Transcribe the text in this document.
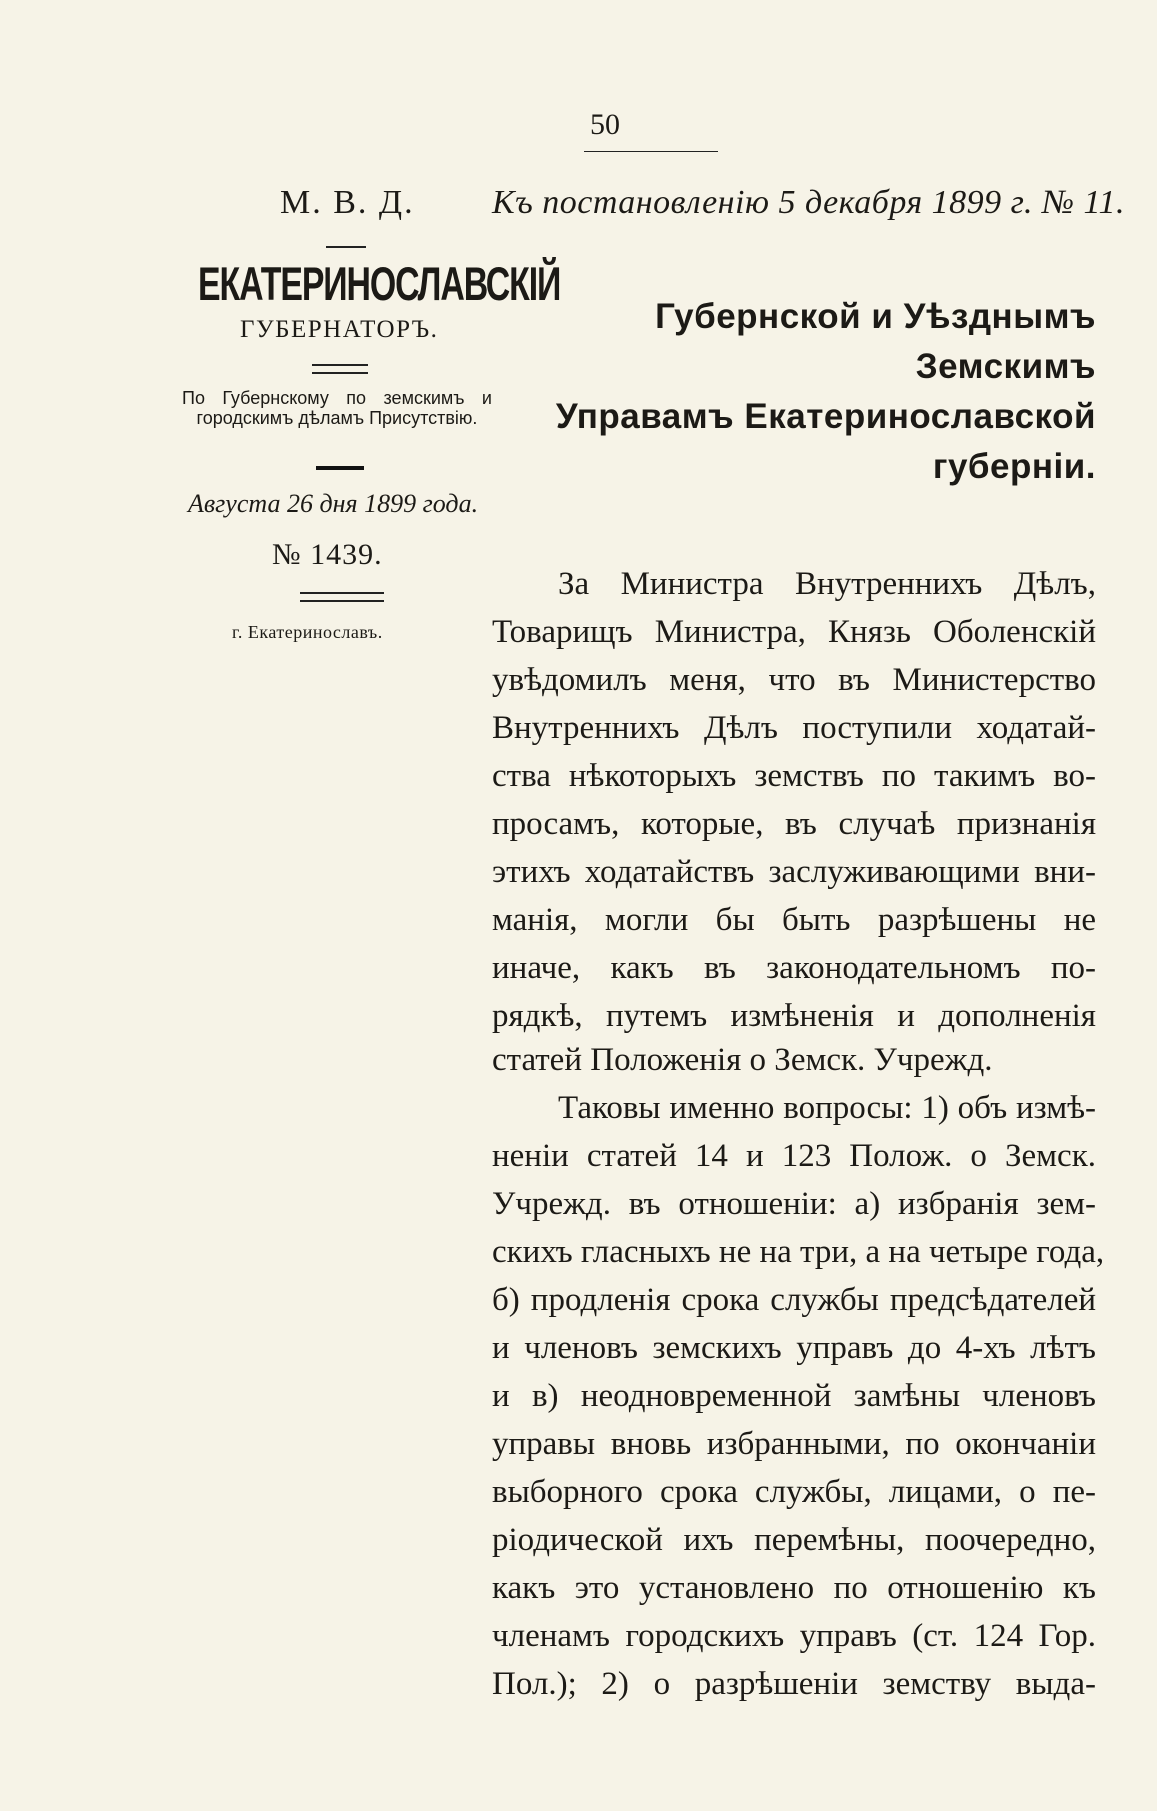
50
М. В. Д. Къ постановленію 5 декабря 1899 г. № 11.
ЕКАТЕРИНОСЛАВСКІЙ
ГУБЕРНАТОРЪ.
По Губернскому по земскимъ и городскимъ дѣламъ Присутствію.
Августа 26 дня 1899 года.
№ 1439.
г. Екатеринославъ.
Губернской и Уѣзднымъ Земскимъ
Управамъ Екатеринославской губерніи.
За Министра Внутреннихъ Дѣлъ,
Товарищъ Министра, Князь Оболенскій
увѣдомилъ меня, что въ Министерство
Внутреннихъ Дѣлъ поступили ходатай-
ства нѣкоторыхъ земствъ по такимъ во-
просамъ, которые, въ случаѣ признанія
этихъ ходатайствъ заслуживающими вни-
манія, могли бы быть разрѣшены не
иначе, какъ въ законодательномъ по-
рядкѣ, путемъ измѣненія и дополненія
статей Положенія о Земск. Учрежд.
Таковы именно вопросы: 1) объ измѣ-
неніи статей 14 и 123 Полож. о Земск.
Учрежд. въ отношеніи: а) избранія зем-
скихъ гласныхъ не на три, а на четыре года,
б) продленія срока службы предсѣдателей
и членовъ земскихъ управъ до 4-хъ лѣтъ
и в) неодновременной замѣны членовъ
управы вновь избранными, по окончаніи
выборного срока службы, лицами, о пе-
ріодической ихъ перемѣны, поочередно,
какъ это установлено по отношенію къ
членамъ городскихъ управъ (ст. 124 Гор.
Пол.); 2) о разрѣшеніи земству выда-
